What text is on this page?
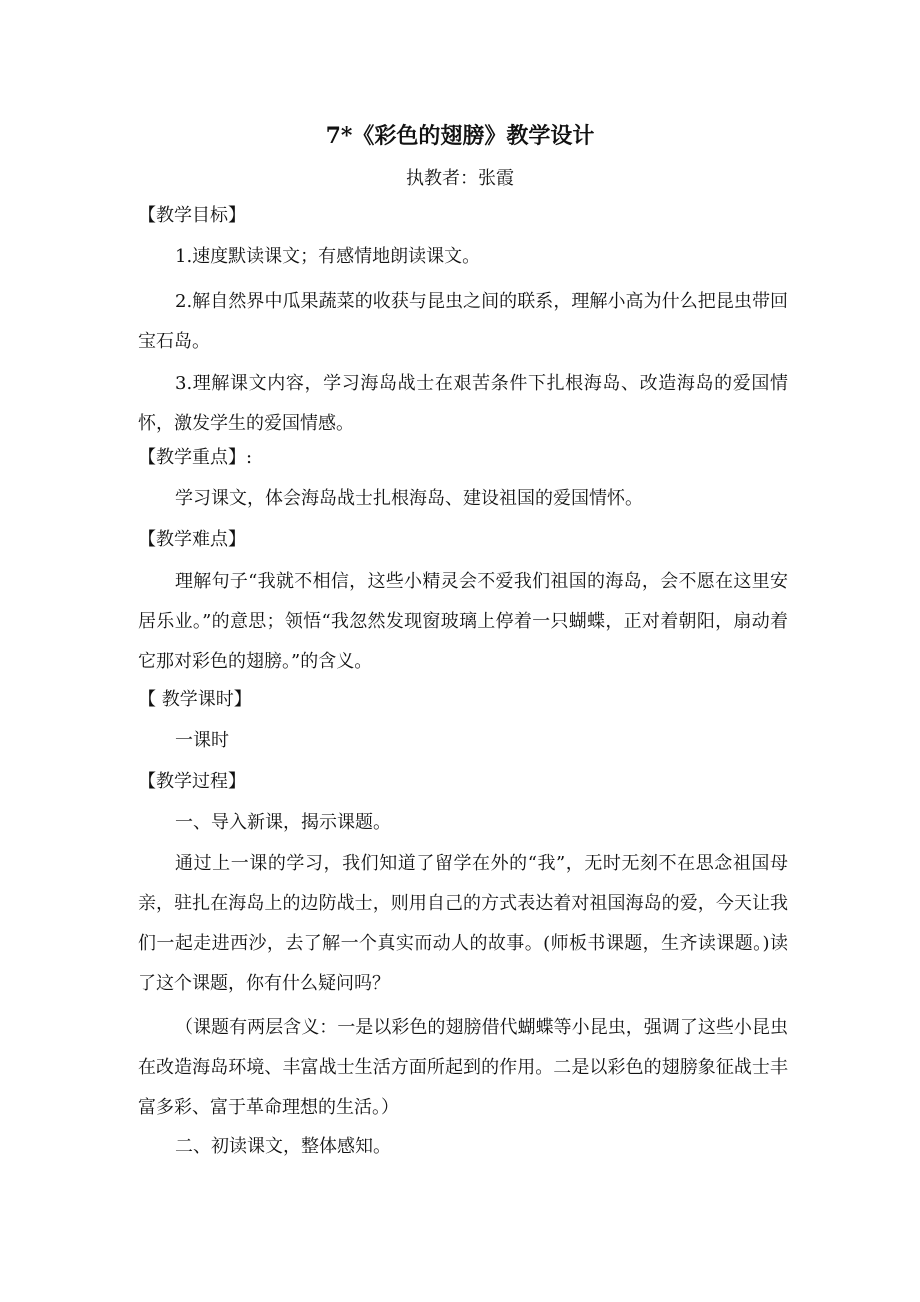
7*《彩色的翅膀》教学设计
执教者：张霞
【教学目标】

1.速度默读课文；有感情地朗读课文。

2.解自然界中瓜果蔬菜的收获与昆虫之间的联系，理解小高为什么把昆虫带回宝石岛。

3.理解课文内容，学习海岛战士在艰苦条件下扎根海岛、改造海岛的爱国情怀，激发学生的爱国情感。

【教学重点】:

学习课文，体会海岛战士扎根海岛、建设祖国的爱国情怀。

【教学难点】

理解句子“我就不相信，这些小精灵会不爱我们祖国的海岛，会不愿在这里安居乐业。”的意思；领悟“我忽然发现窗玻璃上停着一只蝴蝶，正对着朝阳，扇动着它那对彩色的翅膀。”的含义。

【 教学课时】

一课时

【教学过程】

一、导入新课，揭示课题。

通过上一课的学习，我们知道了留学在外的“我”，无时无刻不在思念祖国母亲，驻扎在海岛上的边防战士，则用自己的方式表达着对祖国海岛的爱，今天让我们一起走进西沙，去了解一个真实而动人的故事。(师板书课题，生齐读课题。)读了这个课题，你有什么疑问吗？

（课题有两层含义：一是以彩色的翅膀借代蝴蝶等小昆虫，强调了这些小昆虫在改造海岛环境、丰富战士生活方面所起到的作用。二是以彩色的翅膀象征战士丰富多彩、富于革命理想的生活。）

二、初读课文，整体感知。
